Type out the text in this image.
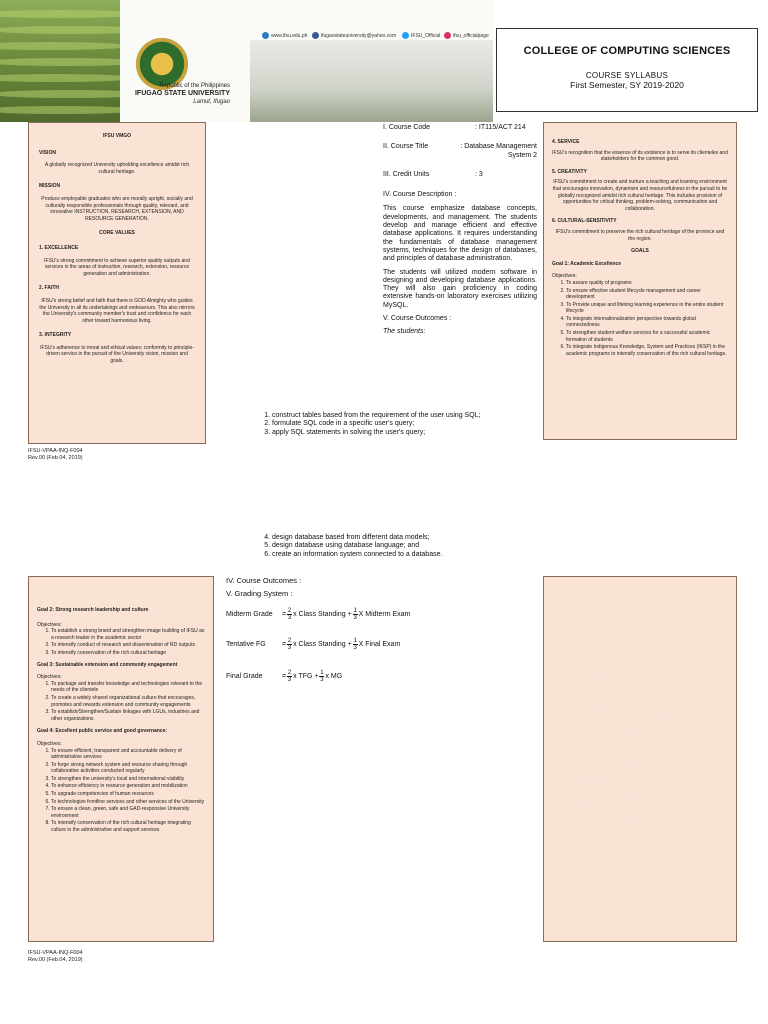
Republic of the Philippines
IFUGAO STATE UNIVERSITY
Lamut, Ifugao
www.ifsu.edu.ph	ifugaostateuniversity@yahoo.com	IFSU_Official	ifsu_officialpage
COLLEGE OF COMPUTING SCIENCES
COURSE SYLLABUS
First Semester, SY 2019-2020
IFSU VMGO
VISION
A globally recognized University upholding excellence amidst rich cultural heritage.
MISSION
Produce employable graduates who are morally upright, socially and culturally responsible professionals through quality, relevant, and innovative INSTRUCTION, RESEARCH, EXTENSION, AND RESOURCE GENERATION.
CORE VALUES
1. EXCELLENCE
IFSU's strong commitment to achieve superior quality outputs and services in the areas of instruction, research, extension, resource generation and administration.
2. FAITH
IFSU's strong belief and faith that there is GOD Almighty who guides the University in all its undertakings and endeavours. This also mirrors the University's community member's trust and confidence for each other toward harmonious living.
3. INTEGRITY
IFSU's adherence to moral and ethical values; conformity to principle-driven service in the pursuit of the University vision, mission and goals.
IFSU-VPAA-INQ-F004
Rev.00 (Feb.04, 2019)
I. Course Code	: IT115/ACT 214
II. Course Title	: Database Management System 2
III. Credit Units	: 3
IV. Course Description :

This course emphasize database concepts, developments, and management. The students develop and manage efficient and effective database applications. It requires understanding the fundamentals of database management systems, techniques for the design of databases, and principles of database administration.

The students will utilized modern software in designing and developing database applications. They will also gain proficiency in coding extensive hands-on laboratory exercises utilizing MySQL.

V. Course Outcomes :
The students:
1. construct tables based from the requirement of the user using SQL;
2. formulate SQL code in a specific user's query;
3. apply SQL statements in solving the user's query;
4. design database based from different data models;
5. design database using database language; and
6. create an information system connected to a database.
IV. Course Outcomes :
V. Grading System :
Midterm Grade	= $\frac{2}{3}$ x Class Standing + $\frac{1}{3}$ X Midterm Exam
Tentative FG	= $\frac{2}{3}$ x Class Standing + $\frac{1}{3}$ X Final Exam
Final Grade	= $\frac{2}{3}$ x TFG + $\frac{1}{3}$ x MG
4. SERVICE
IFSU's recognition that the essence of its existence is to serve its clienteles and stakeholders for the common good.
5. CREATIVITY
IFSU's commitment to create and nurture a teaching and learning environment that encourages innovation, dynamism and resourcefulness in the pursuit to be globally recognized amidst rich cultural heritage. This includes provision of opportunities for critical thinking, problem-solving, communication and collaboration.
6. CULTURAL-SENSITIVITY
IFSU's commitment to preserve the rich cultural heritage of the province and the region.
GOALS
Goal 1: Academic Excellence
Objectives:
1. To assure quality of programs
2. To ensure effective student lifecycle management and career development
3. To Provide unique and lifelong learning experience in the entire student lifecycle
4. To integrate internationalization perspective towards global connectedness
5. To strengthen student welfare services for a successful academic formation of students
6. To integrate Indigenous Knowledge, System and Practices (IKSP) in the academic programs to intensify conservation of the rich cultural heritage.
Goal 2: Strong research leadership and culture
Objectives:
1. To establish a strong brand and strengthen image building of IFSU as a research leader in the academic sector
2. To intensify conduct of research and dissemination of RD outputs
3. To intensify conservation of the rich cultural heritage
Goal 3: Sustainable extension and community engagement
Objectives:
1. To package and transfer knowledge and technologies relevant to the needs of the clientele
2. To create a widely shared organizational culture that encourages, promotes and rewards extension and community engagements
3. To establish/Strengthen/Sustain linkages with LGUs, industries and other organizations
Goal 4: Excellent public service and good governance:
Objectives:
1. To ensure efficient, transparent and accountable delivery of administrative services
2. To forge strong network system and resource sharing through collaborative activities conducted regularly
3. To strengthen the university's local and international visibility
4. To enhance efficiency in resource generation and mobilization
5. To upgrade competencies of human resources
6. To technologize frontline services and other services of the University
7. To ensure a clean, green, safe and GAD-responsive University environment
8. To intensify conservation of the rich cultural heritage integrating culture in the administrative and support services
IFSU-VPAA-INQ-F004
Rev.00 (Feb.04, 2019)
VISION
An Academic Center of Excellence in Computing Sciences
MISSION OF THE COLLEGE
To provide quality education towards professional development and global competitiveness of graduates in Computing Sciences
GOAL OF THE COLLEGE
The graduates are globally competitive, morally upright, innovative and socially responsible individuals engaged in research, extension and resource generation activities.
OBJECTIVES OF THE PROGRAM
Graduates of Information Technology:
1. analyze complex problems, identify and define the computing requirements needed to design an appropriate solution;
2. apply computing and other knowledge domains to address real-world problems;
3. design and develop computing solutions using a system-level perspective;
4. manipulate modern computing tools;
5. work effectively in multi-disciplinary and multicultural teams; and
6. conduct research, extension and resource generation activities.
